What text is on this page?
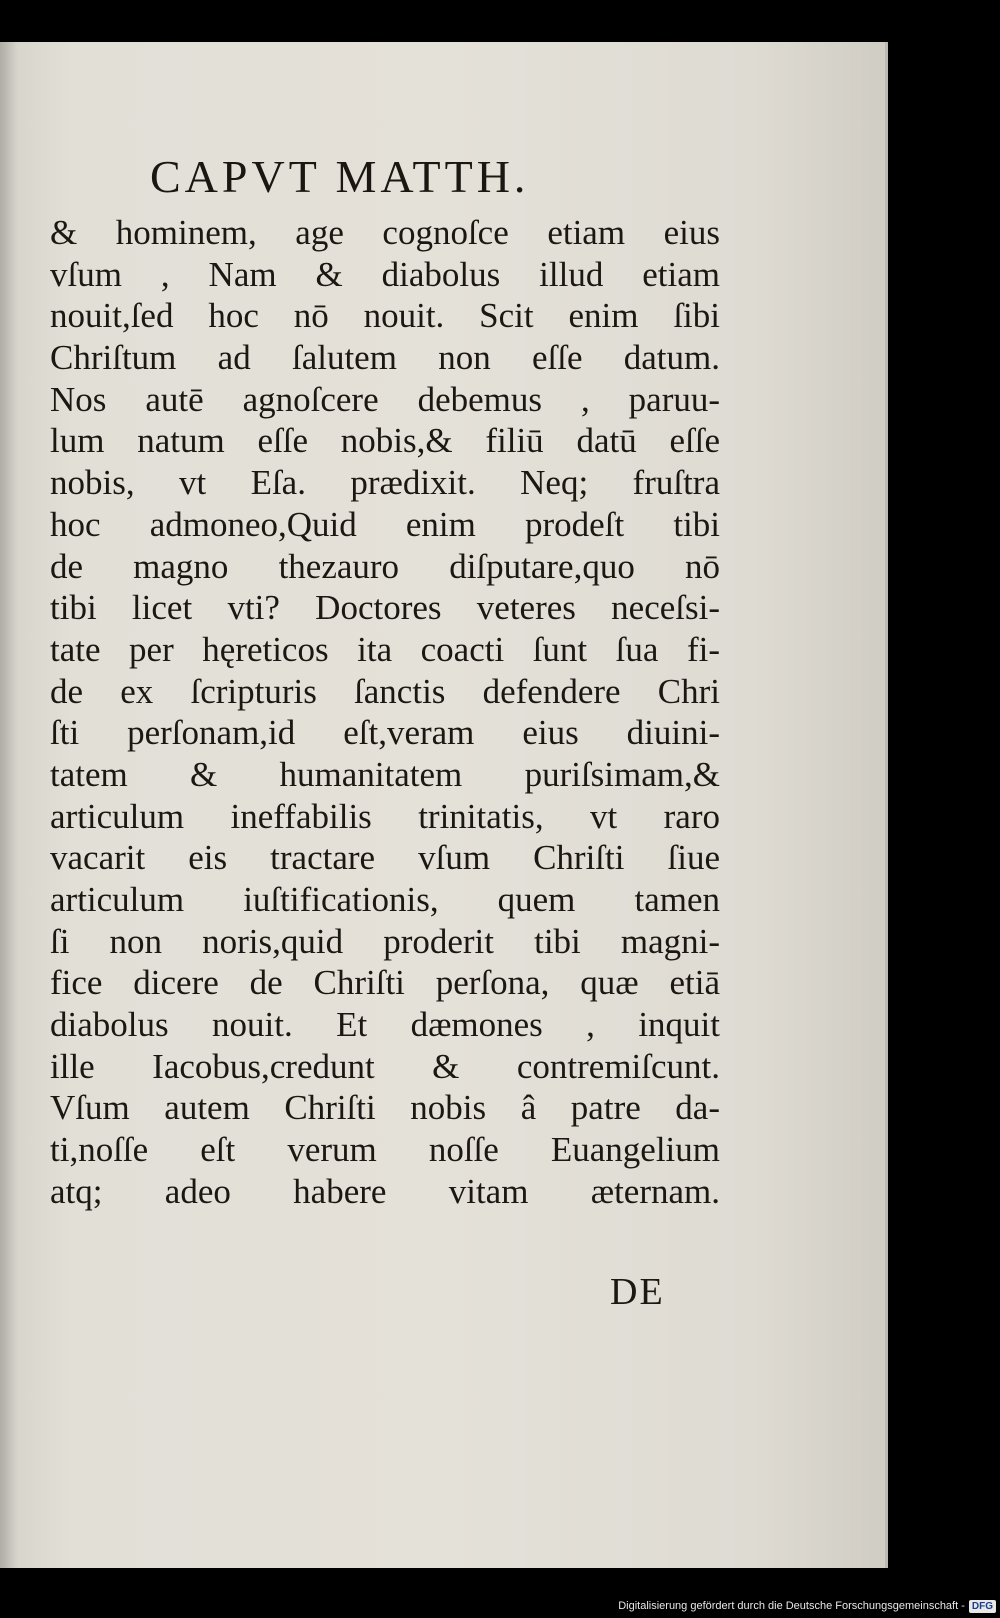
CAPVT MATTH.
& hominem, age cognoſce etiam eius
vſum , Nam & diabolus illud etiam
nouit,ſed hoc nō nouit. Scit enim ſibi
Chriſtum ad ſalutem non eſſe datum.
Nos autē agnoſcere debemus , paruu-
lum natum eſſe nobis,& filiū datū eſſe
nobis, vt Eſa. prædixit. Neq; fruſtra
hoc admoneo,Quid enim prodeſt tibi
de magno thezauro diſputare,quo nō
tibi licet vti? Doctores veteres neceſsi-
tate per hęreticos ita coacti ſunt ſua fi-
de ex ſcripturis ſanctis defendere Chri
ſti perſonam,id eſt,veram eius diuini-
tatem & humanitatem puriſsimam,&
articulum ineffabilis trinitatis, vt raro
vacarit eis tractare vſum Chriſti ſiue
articulum iuſtificationis, quem tamen
ſi non noris,quid proderit tibi magni-
fice dicere de Chriſti perſona, quæ etiā
diabolus nouit. Et dæmones , inquit
ille Iacobus,credunt & contremiſcunt.
Vſum autem Chriſti nobis â patre da-
ti,noſſe eſt verum noſſe Euangelium
atq; adeo habere vitam æternam.
DE
Digitalisierung gefördert durch die Deutsche Forschungsgemeinschaft - DFG
